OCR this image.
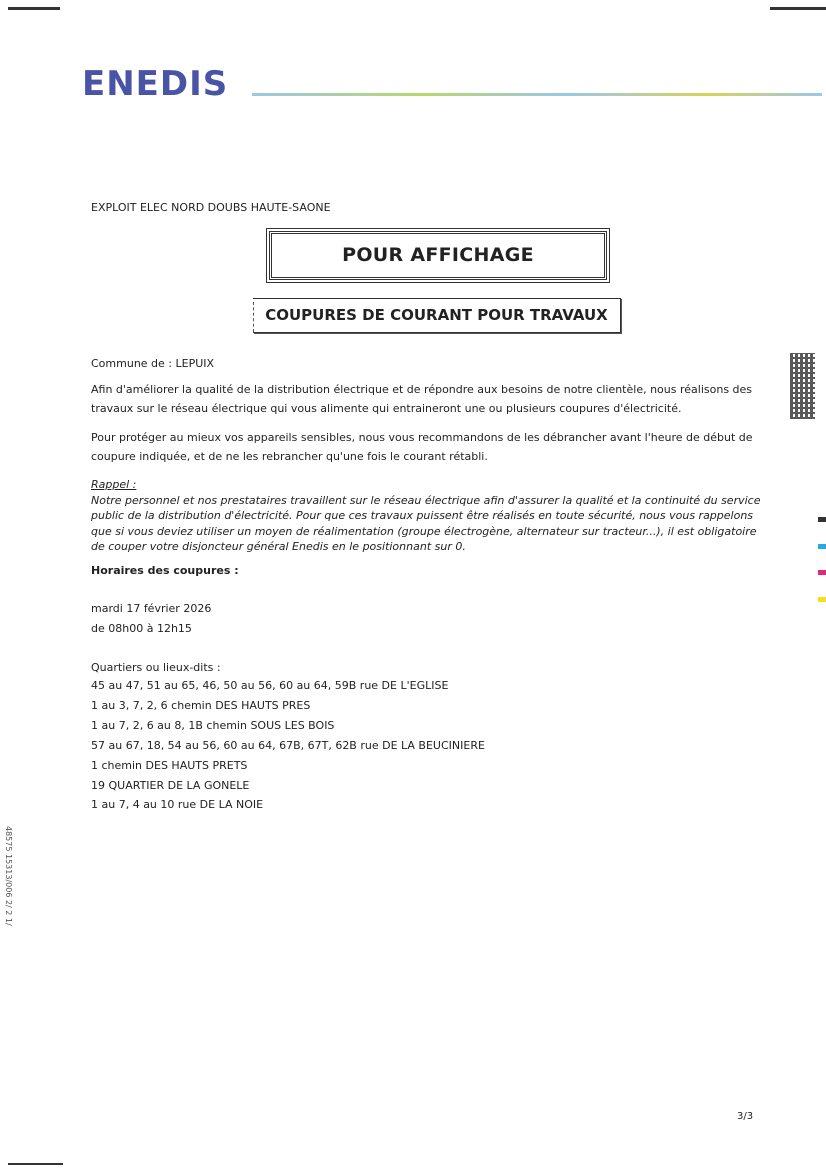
ENEDIS
EXPLOIT ELEC NORD DOUBS HAUTE-SAONE
POUR AFFICHAGE
COUPURES DE COURANT POUR TRAVAUX
Commune de : LEPUIX
Afin d'améliorer la qualité de la distribution électrique et de répondre aux besoins de notre clientèle, nous réalisons des travaux sur le réseau électrique qui vous alimente qui entraineront une ou plusieurs coupures d'électricité.
Pour protéger au mieux vos appareils sensibles, nous vous recommandons de les débrancher avant l'heure de début de coupure indiquée, et de ne les rebrancher qu'une fois le courant rétabli.
Rappel :
Notre personnel et nos prestataires travaillent sur le réseau électrique afin d'assurer la qualité et la continuité du service public de la distribution d'électricité. Pour que ces travaux puissent être réalisés en toute sécurité, nous vous rappelons que si vous deviez utiliser un moyen de réalimentation (groupe électrogène, alternateur sur tracteur...), il est obligatoire de couper votre disjoncteur général Enedis en le positionnant sur 0.
Horaires des coupures :
mardi 17 février 2026
de 08h00 à 12h15
Quartiers ou lieux-dits :
45 au 47, 51 au 65, 46, 50 au 56, 60 au 64, 59B rue DE L'EGLISE
1 au 3, 7, 2, 6 chemin DES HAUTS PRES
1 au 7, 2, 6 au 8, 1B chemin SOUS LES BOIS
57 au 67, 18, 54 au 56, 60 au 64, 67B, 67T, 62B rue DE LA BEUCINIERE
1 chemin DES HAUTS PRETS
19 QUARTIER DE LA GONELE
1 au 7, 4 au 10 rue DE LA NOIE
3/3
48575 15313/006 2/ 2 1/
